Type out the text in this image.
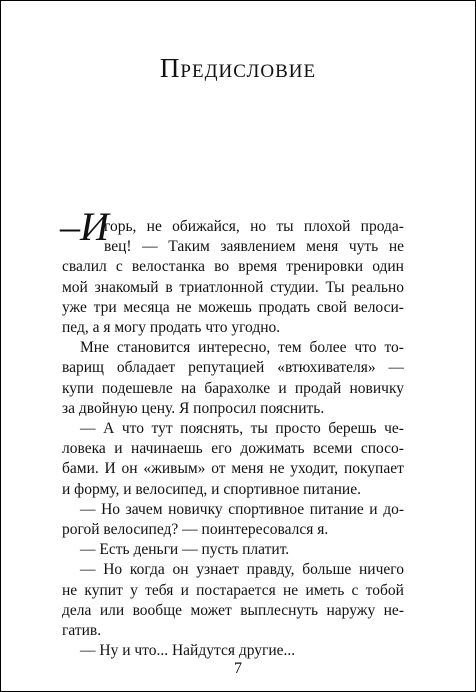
Предисловие
–И
горь, не обижайся, но ты плохой прода-
вец! — Таким заявлением меня чуть не
свалил с велостанка во время тренировки один
мой знакомый в триатлонной студии. Ты реально
уже три месяца не можешь продать свой велоси-
пед, а я могу продать что угодно.
Мне становится интересно, тем более что то-
варищ обладает репутацией «втюхивателя» —
купи подешевле на барахолке и продай новичку
за двойную цену. Я попросил пояснить.
— А что тут пояснять, ты просто берешь че-
ловека и начинаешь его дожимать всеми спосо-
бами. И он «живым» от меня не уходит, покупает
и форму, и велосипед, и спортивное питание.
— Но зачем новичку спортивное питание и до-
рогой велосипед? — поинтересовался я.
— Есть деньги — пусть платит.
— Но когда он узнает правду, больше ничего
не купит у тебя и постарается не иметь с тобой
дела или вообще может выплеснуть наружу не-
гатив.
— Ну и что... Найдутся другие...
7
